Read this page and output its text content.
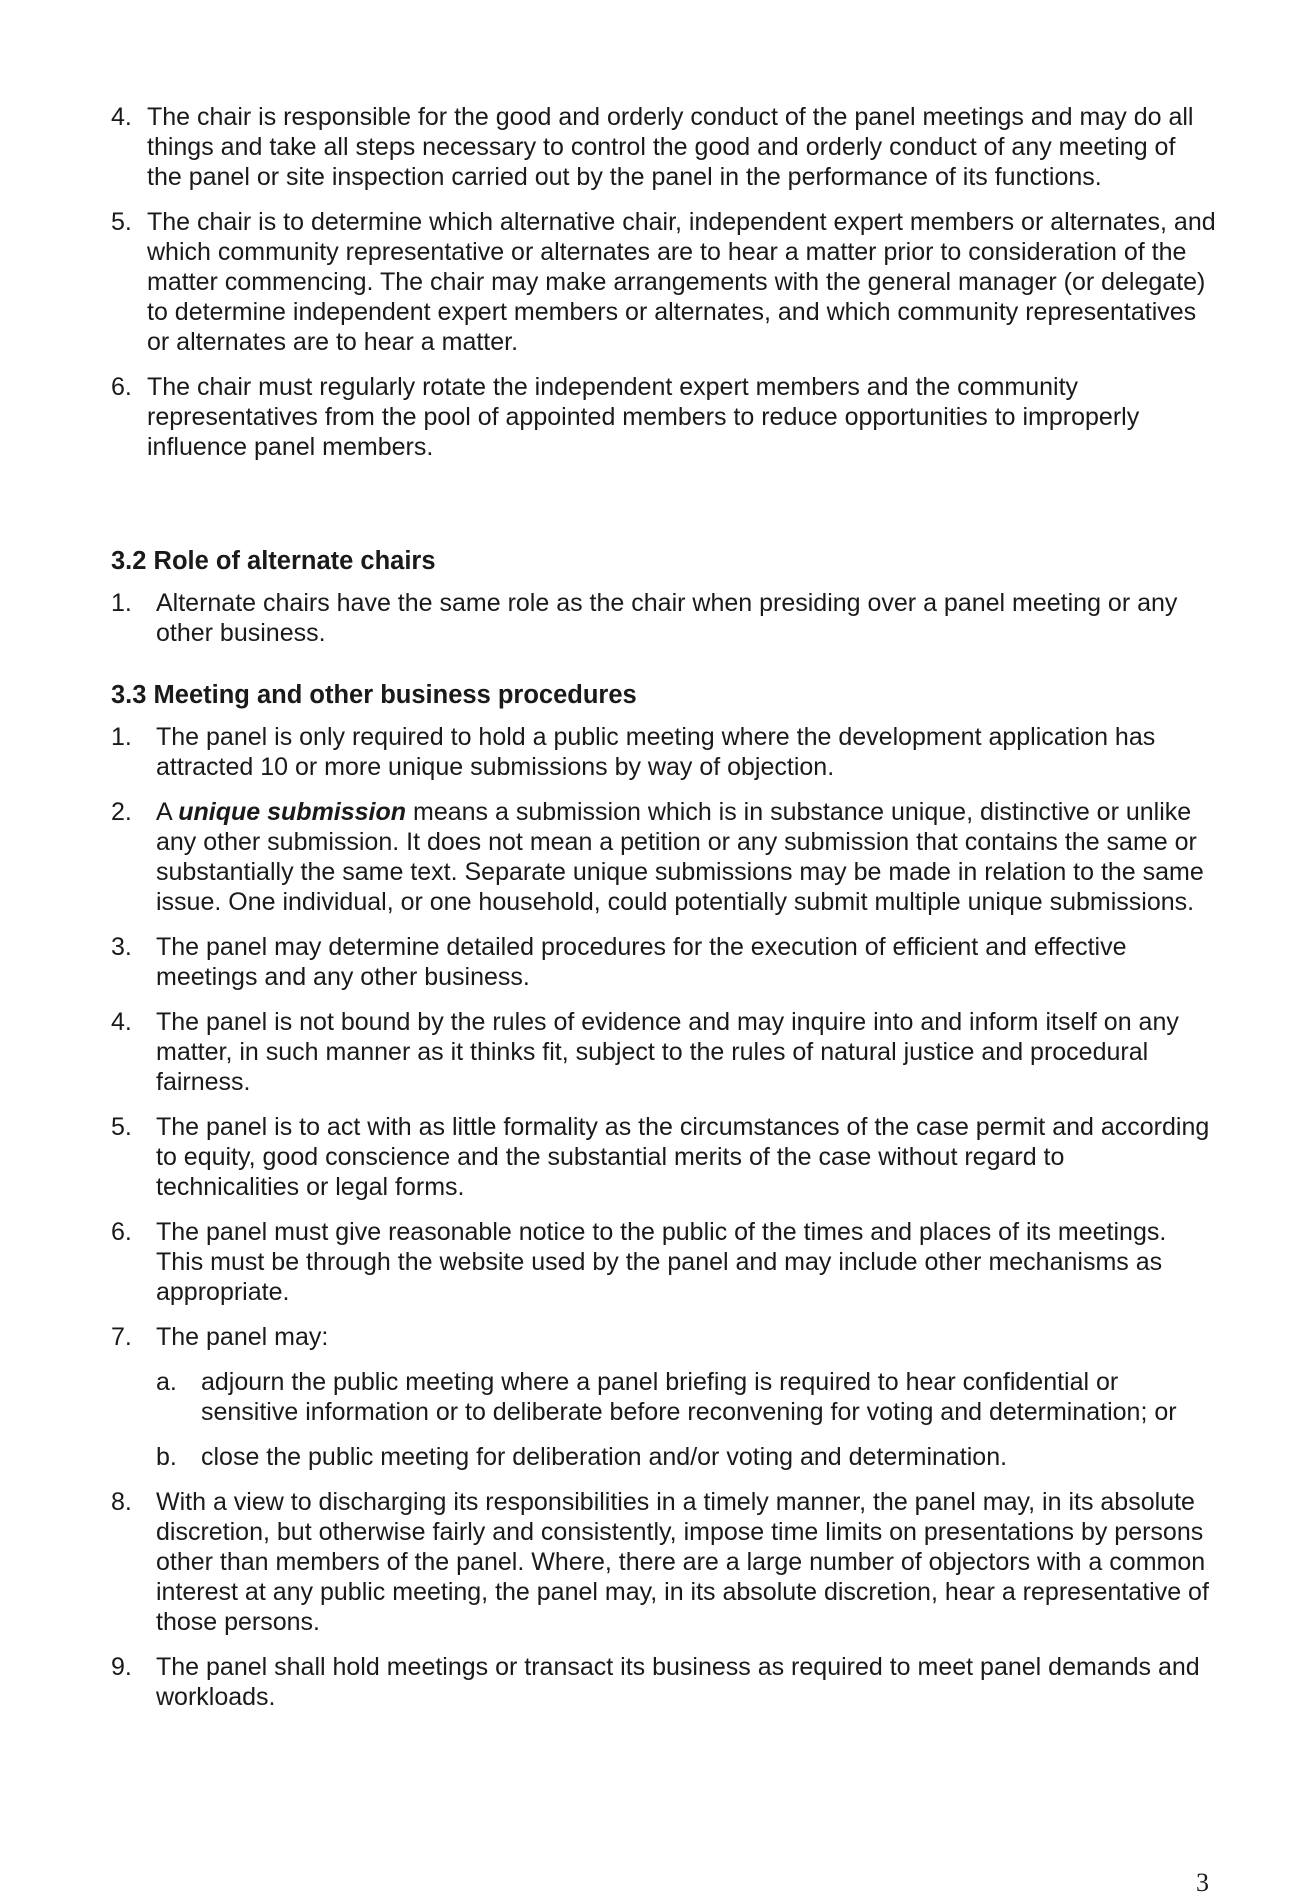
4. The chair is responsible for the good and orderly conduct of the panel meetings and may do all things and take all steps necessary to control the good and orderly conduct of any meeting of the panel or site inspection carried out by the panel in the performance of its functions.
5. The chair is to determine which alternative chair, independent expert members or alternates, and which community representative or alternates are to hear a matter prior to consideration of the matter commencing. The chair may make arrangements with the general manager (or delegate) to determine independent expert members or alternates, and which community representatives or alternates are to hear a matter.
6. The chair must regularly rotate the independent expert members and the community representatives from the pool of appointed members to reduce opportunities to improperly influence panel members.
3.2 Role of alternate chairs
1. Alternate chairs have the same role as the chair when presiding over a panel meeting or any other business.
3.3 Meeting and other business procedures
1. The panel is only required to hold a public meeting where the development application has attracted 10 or more unique submissions by way of objection.
2. A unique submission means a submission which is in substance unique, distinctive or unlike any other submission. It does not mean a petition or any submission that contains the same or substantially the same text. Separate unique submissions may be made in relation to the same issue. One individual, or one household, could potentially submit multiple unique submissions.
3. The panel may determine detailed procedures for the execution of efficient and effective meetings and any other business.
4. The panel is not bound by the rules of evidence and may inquire into and inform itself on any matter, in such manner as it thinks fit, subject to the rules of natural justice and procedural fairness.
5. The panel is to act with as little formality as the circumstances of the case permit and according to equity, good conscience and the substantial merits of the case without regard to technicalities or legal forms.
6. The panel must give reasonable notice to the public of the times and places of its meetings. This must be through the website used by the panel and may include other mechanisms as appropriate.
7. The panel may:
a. adjourn the public meeting where a panel briefing is required to hear confidential or sensitive information or to deliberate before reconvening for voting and determination; or
b. close the public meeting for deliberation and/or voting and determination.
8. With a view to discharging its responsibilities in a timely manner, the panel may, in its absolute discretion, but otherwise fairly and consistently, impose time limits on presentations by persons other than members of the panel. Where, there are a large number of objectors with a common interest at any public meeting, the panel may, in its absolute discretion, hear a representative of those persons.
9. The panel shall hold meetings or transact its business as required to meet panel demands and workloads.
3
